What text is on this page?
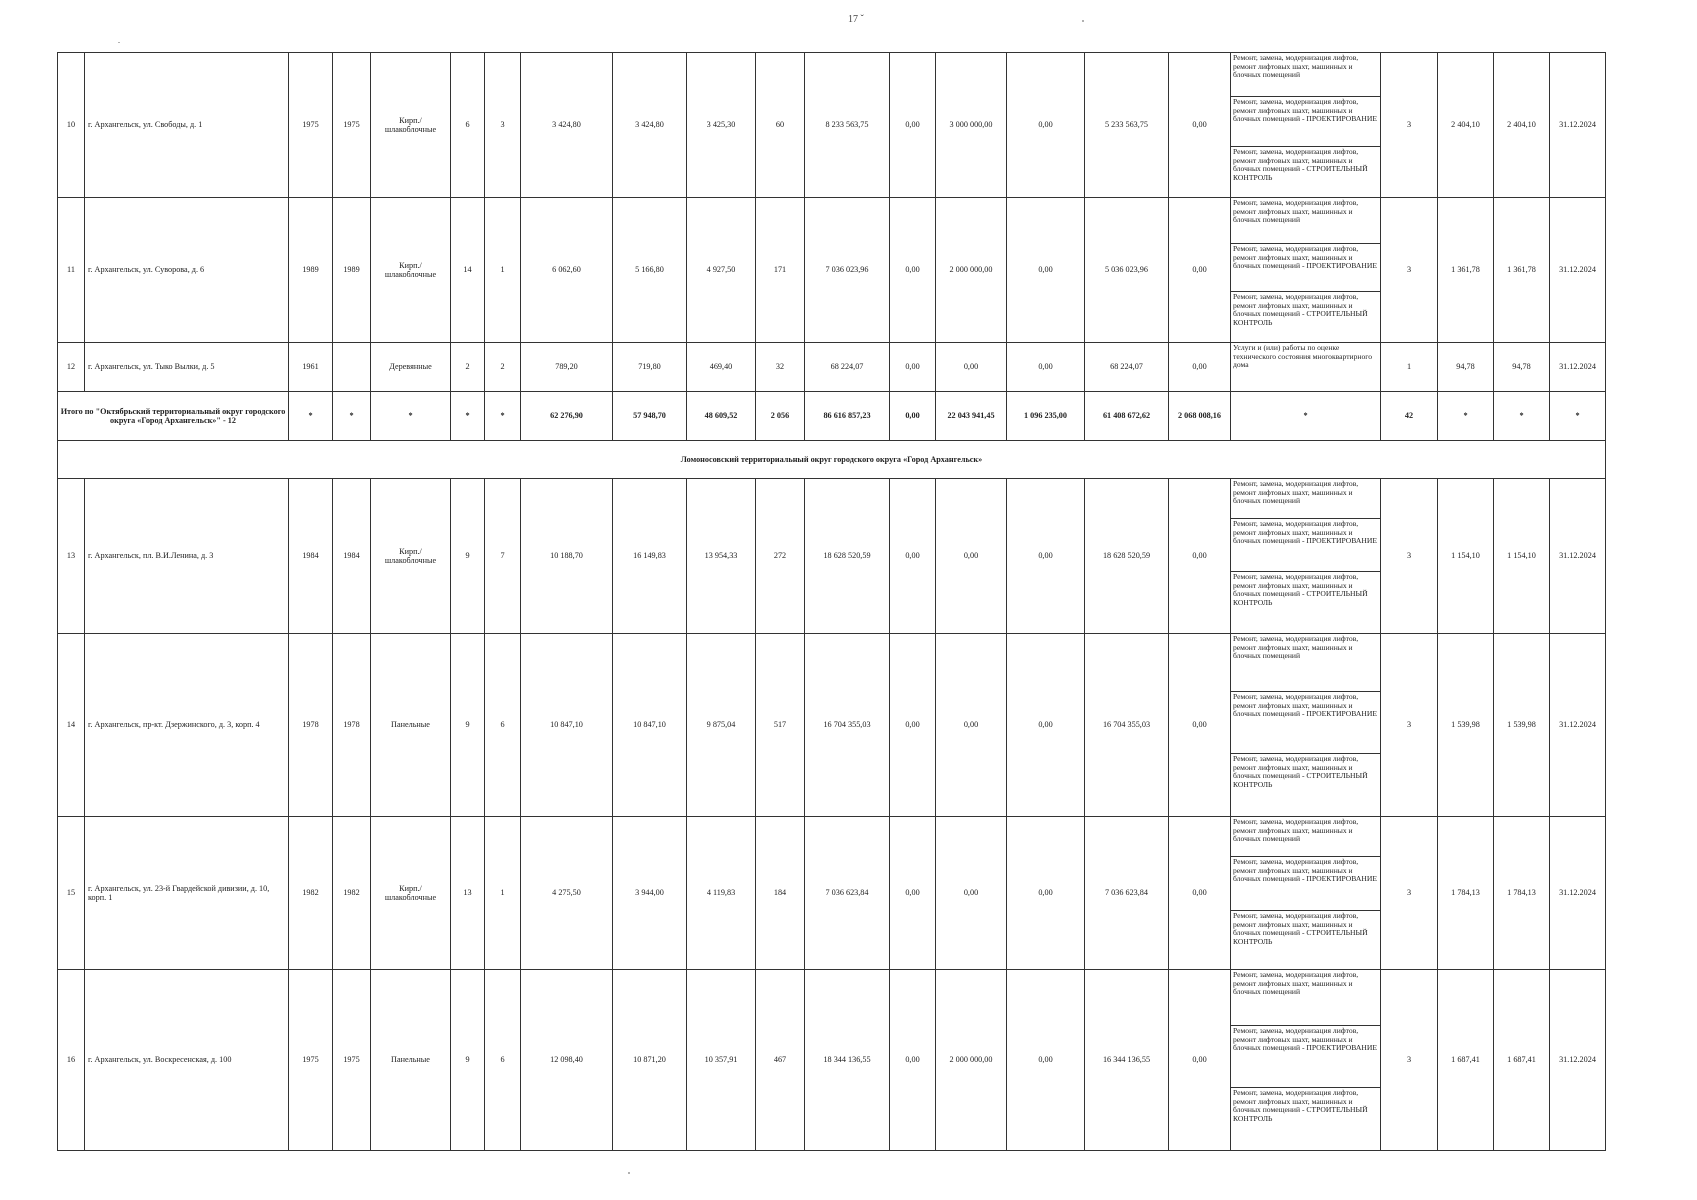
17 ˇ
10	г. Архангельск, ул. Свободы, д. 1	1975	1975	Кирп./ шлакоблочные	6	3	3 424,80	3 424,80	3 425,30	60	8 233 563,75	0,00	3 000 000,00	0,00	5 233 563,75	0,00	Ремонт, замена, модернизация лифтов, ремонт лифтовых шахт, машинных и блочных помещений
Ремонт, замена, модернизация лифтов, ремонт лифтовых шахт, машинных и блочных помещений - ПРОЕКТИРОВАНИЕ
Ремонт, замена, модернизация лифтов, ремонт лифтовых шахт, машинных и блочных помещений - СТРОИТЕЛЬНЫЙ КОНТРОЛЬ	3	2 404,10	2 404,10	31.12.2024
11	г. Архангельск, ул. Суворова, д. 6	1989	1989	Кирп./ шлакоблочные	14	1	6 062,60	5 166,80	4 927,50	171	7 036 023,96	0,00	2 000 000,00	0,00	5 036 023,96	0,00	Ремонт, замена, модернизация лифтов, ремонт лифтовых шахт, машинных и блочных помещений
Ремонт, замена, модернизация лифтов, ремонт лифтовых шахт, машинных и блочных помещений - ПРОЕКТИРОВАНИЕ
Ремонт, замена, модернизация лифтов, ремонт лифтовых шахт, машинных и блочных помещений - СТРОИТЕЛЬНЫЙ КОНТРОЛЬ	3	1 361,78	1 361,78	31.12.2024
12	г. Архангельск, ул. Тыко Вылки, д. 5	1961		Деревянные	2	2	789,20	719,80	469,40	32	68 224,07	0,00	0,00	0,00	68 224,07	0,00	Услуги и (или) работы по оценке технического состояния многоквартирного дома	1	94,78	94,78	31.12.2024
Итого по "Октябрьский территориальный округ городского округа «Город Архангельск»" - 12		*	*	*	*	*	62 276,90	57 948,70	48 609,52	2 056	86 616 857,23	0,00	22 043 941,45	1 096 235,00	61 408 672,62	2 068 008,16	*	42	*	*	*
Ломоносовский территориальный округ городского округа «Город Архангельск»																					
13	г. Архангельск, пл. В.И.Ленина, д. 3	1984	1984	Кирп./ шлакоблочные	9	7	10 188,70	16 149,83	13 954,33	272	18 628 520,59	0,00	0,00	0,00	18 628 520,59	0,00	Ремонт, замена, модернизация лифтов, ремонт лифтовых шахт, машинных и блочных помещений
Ремонт, замена, модернизация лифтов, ремонт лифтовых шахт, машинных и блочных помещений - ПРОЕКТИРОВАНИЕ
Ремонт, замена, модернизация лифтов, ремонт лифтовых шахт, машинных и блочных помещений - СТРОИТЕЛЬНЫЙ КОНТРОЛЬ	3	1 154,10	1 154,10	31.12.2024
14	г. Архангельск, пр-кт. Дзержинского, д. 3, корп. 4	1978	1978	Панельные	9	6	10 847,10	10 847,10	9 875,04	517	16 704 355,03	0,00	0,00	0,00	16 704 355,03	0,00	Ремонт, замена, модернизация лифтов, ремонт лифтовых шахт, машинных и блочных помещений
Ремонт, замена, модернизация лифтов, ремонт лифтовых шахт, машинных и блочных помещений - ПРОЕКТИРОВАНИЕ
Ремонт, замена, модернизация лифтов, ремонт лифтовых шахт, машинных и блочных помещений - СТРОИТЕЛЬНЫЙ КОНТРОЛЬ	3	1 539,98	1 539,98	31.12.2024
15	г. Архангельск, ул. 23-й Гвардейской дивизии, д. 10, корп. 1	1982	1982	Кирп./ шлакоблочные	13	1	4 275,50	3 944,00	4 119,83	184	7 036 623,84	0,00	0,00	0,00	7 036 623,84	0,00	Ремонт, замена, модернизация лифтов, ремонт лифтовых шахт, машинных и блочных помещений
Ремонт, замена, модернизация лифтов, ремонт лифтовых шахт, машинных и блочных помещений - ПРОЕКТИРОВАНИЕ
Ремонт, замена, модернизация лифтов, ремонт лифтовых шахт, машинных и блочных помещений - СТРОИТЕЛЬНЫЙ КОНТРОЛЬ	3	1 784,13	1 784,13	31.12.2024
16	г. Архангельск, ул. Воскресенская, д. 100	1975	1975	Панельные	9	6	12 098,40	10 871,20	10 357,91	467	18 344 136,55	0,00	2 000 000,00	0,00	16 344 136,55	0,00	Ремонт, замена, модернизация лифтов, ремонт лифтовых шахт, машинных и блочных помещений
Ремонт, замена, модернизация лифтов, ремонт лифтовых шахт, машинных и блочных помещений - ПРОЕКТИРОВАНИЕ
Ремонт, замена, модернизация лифтов, ремонт лифтовых шахт, машинных и блочных помещений - СТРОИТЕЛЬНЫЙ КОНТРОЛЬ	3	1 687,41	1 687,41	31.12.2024
